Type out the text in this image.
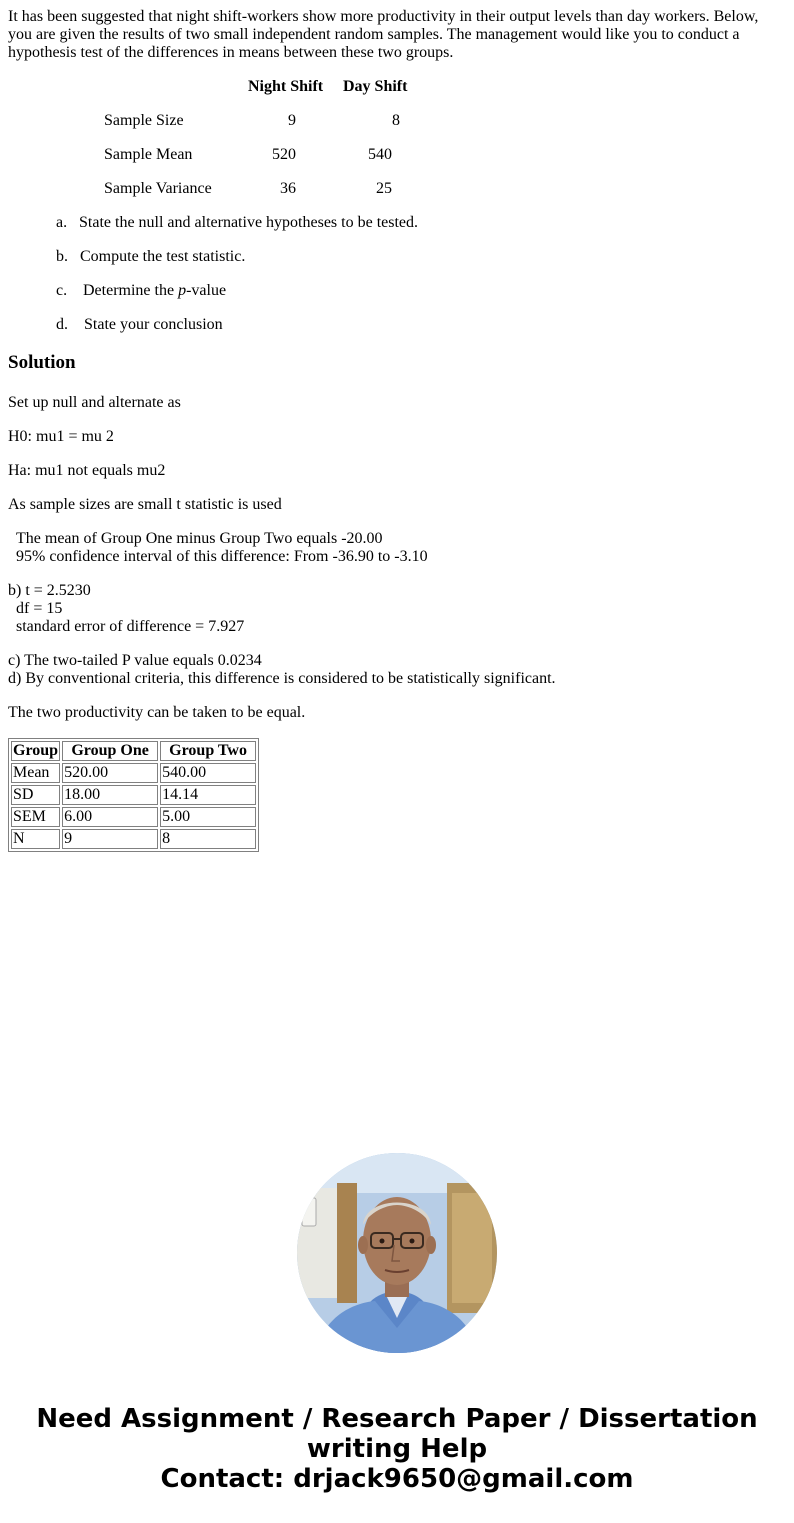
It has been suggested that night shift-workers show more productivity in their output levels than day workers. Below, you are given the results of two small independent random samples. The management would like you to conduct a hypothesis test of the differences in means between these two groups.

Night Shift Day Shift
Sample Size	9	8
Sample Mean	520	540
Sample Variance	36	25
a. State the null and alternative hypotheses to be tested.
b. Compute the test statistic.
c. Determine the p-value
d. State your conclusion
Solution

Set up null and alternate as

H0: mu1 = mu 2

Ha: mu1 not equals mu2

As sample sizes are small t statistic is used

The mean of Group One minus Group Two equals -20.00

95% confidence interval of this difference: From -36.90 to -3.10

b) t = 2.5230

df = 15

standard error of difference = 7.927

c) The two-tailed P value equals 0.0234

d) By conventional criteria, this difference is considered to be statistically significant.

The two productivity can be taken to be equal.

Group	Group One	Group Two
Mean	520.00	540.00
SD	18.00	14.14
SEM	6.00	5.00
N	9	8
Need Assignment / Research Paper / Dissertation
writing Help
Contact: drjack9650@gmail.com
